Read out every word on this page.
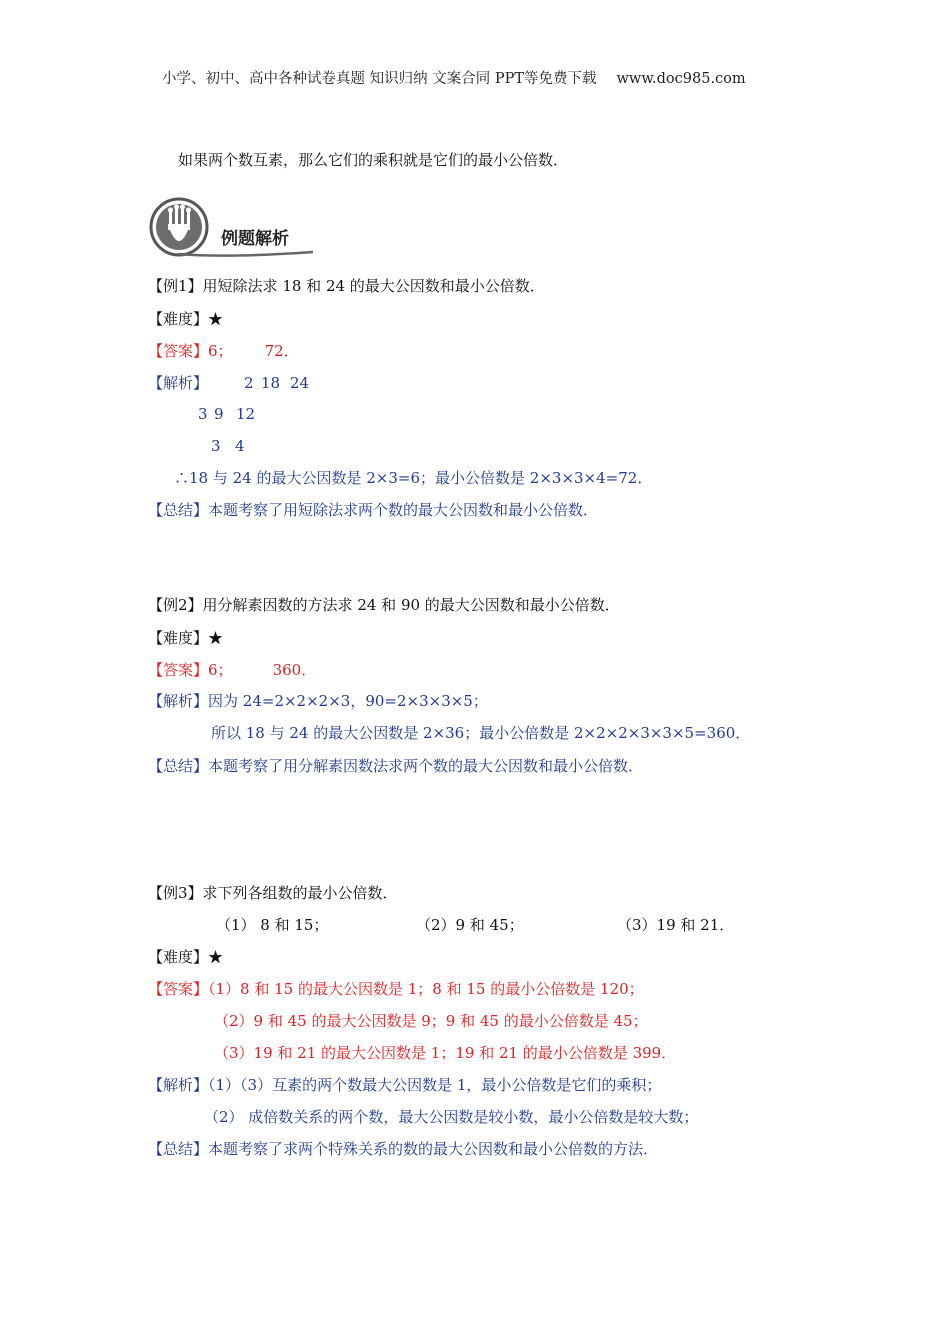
小学、初中、高中各种试卷真题 知识归纳 文案合同 PPT等免费下载 www.doc985.com
如果两个数互素，那么它们的乘积就是它们的最小公倍数．
例题解析
【例1】用短除法求 18 和 24 的最大公因数和最小公倍数．
【难度】★
【答案】6； 72．
【解析】 2 18 24
3 9 12
3 4
∴18 与 24 的最大公因数是 2×3=6；最小公倍数是 2×3×3×4=72．
【总结】本题考察了用短除法求两个数的最大公因数和最小公倍数．
【例2】用分解素因数的方法求 24 和 90 的最大公因数和最小公倍数．
【难度】★
【答案】6；	360．
【解析】因为 24=2×2×2×3，90=2×3×3×5；
所以 18 与 24 的最大公因数是 2×36；最小公倍数是 2×2×2×3×3×5=360．
【总结】本题考察了用分解素因数法求两个数的最大公因数和最小公倍数．
【例3】求下列各组数的最小公倍数．
（1） 8 和 15；	（2）9 和 45；	（3）19 和 21．
【难度】★
【答案】（1）8 和 15 的最大公因数是 1；8 和 15 的最小公倍数是 120；
（2）9 和 45 的最大公因数是 9；9 和 45 的最小公倍数是 45；
（3）19 和 21 的最大公因数是 1；19 和 21 的最小公倍数是 399．
【解析】（1）（3）互素的两个数最大公因数是 1，最小公倍数是它们的乘积；
（2） 成倍数关系的两个数，最大公因数是较小数，最小公倍数是较大数；
【总结】本题考察了求两个特殊关系的数的最大公因数和最小公倍数的方法．
